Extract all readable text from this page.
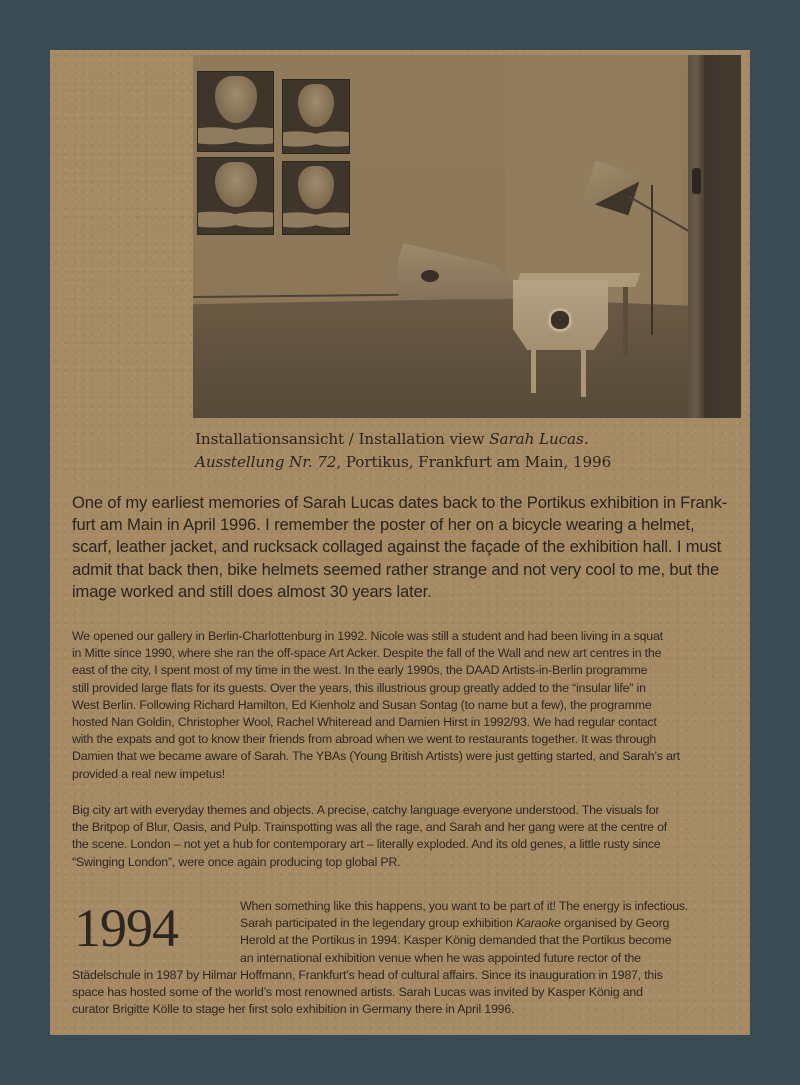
Installationsansicht / Installation view Sarah Lucas.
Ausstellung Nr. 72, Portikus, Frankfurt am Main, 1996
One of my earliest memories of Sarah Lucas dates back to the Portikus exhibition in Frank-
furt am Main in April 1996. I remember the poster of her on a bicycle wearing a helmet,
scarf, leather jacket, and rucksack collaged against the façade of the exhibition hall. I must
admit that back then, bike helmets seemed rather strange and not very cool to me, but the
image worked and still does almost 30 years later.
We opened our gallery in Berlin-Charlottenburg in 1992. Nicole was still a student and had been living in a squat
in Mitte since 1990, where she ran the off-space Art Acker. Despite the fall of the Wall and new art centres in the
east of the city, I spent most of my time in the west. In the early 1990s, the DAAD Artists-in-Berlin programme
still provided large flats for its guests. Over the years, this illustrious group greatly added to the “insular life” in
West Berlin. Following Richard Hamilton, Ed Kienholz and Susan Sontag (to name but a few), the programme
hosted Nan Goldin, Christopher Wool, Rachel Whiteread and Damien Hirst in 1992/93. We had regular contact
with the expats and got to know their friends from abroad when we went to restaurants together. It was through
Damien that we became aware of Sarah. The YBAs (Young British Artists) were just getting started, and Sarah’s art
provided a real new impetus!
Big city art with everyday themes and objects. A precise, catchy language everyone understood. The visuals for
the Britpop of Blur, Oasis, and Pulp. Trainspotting was all the rage, and Sarah and her gang were at the centre of
the scene. London – not yet a hub for contemporary art – literally exploded. And its old genes, a little rusty since
“Swinging London”, were once again producing top global PR.
1994	When something like this happens, you want to be part of it! The energy is infectious.
Sarah participated in the legendary group exhibition Karaoke organised by Georg
Herold at the Portikus in 1994. Kasper König demanded that the Portikus become
an international exhibition venue when he was appointed future rector of the
Städelschule in 1987 by Hilmar Hoffmann, Frankfurt’s head of cultural affairs. Since its inauguration in 1987, this
space has hosted some of the world’s most renowned artists. Sarah Lucas was invited by Kasper König and
curator Brigitte Kölle to stage her first solo exhibition in Germany there in April 1996.
